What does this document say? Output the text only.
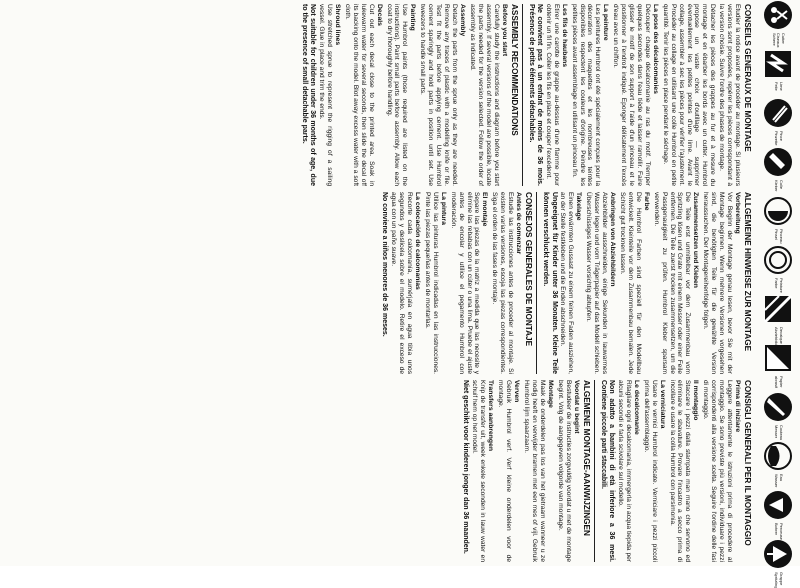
Cutter Ciseaux Schere
Lime Feile
Pince Pinzette
Colle Kleber
Pinceau Pinsel
Peinture Farbe
Decalque Abziehbild
Papier abrasif
Couteau Messer
Eau Wasser
Perceuse Bohrer
Grappe Spritzling
CONSEILS GENERAUX DE MONTAGE

Etudier la notice avant de procéder au montage. Si plusieurs versions sont proposées, repérer les pièces correspondant à la version choisie. Suivre l'ordre des phases de montage.

Détacher les pièces des grappes au fur et à mesure du montage et en ébarber les bords avec un cutter. Humbrol propose un vaste choix d'outillage — supprimer éventuellement les petites pointes d'une lime. Avant le collage, assembler à sec les pièces pour vérifier l'ajustement. Procéder au collage en utilisant une colle Humbrol en petite quantité. Tenir les pièces en place pendant le séchage.

La pose des décalcomanies

Découper chaque décalcomanie au ras du motif. Tremper quelques secondes dans l'eau tiède et laisser ramollir. Faire glisser le motif de son support à l'aide d'un pinceau et le positionner à l'endroit indiqué. Eponger délicatement l'excès d'eau avec un chiffon.

La peinture

Les peintures Humbrol ont été spécialement conçues pour la décoration des maquettes et les nombreuses teintes disponibles respectent les couleurs d'origine. Peindre les petites pièces avant assemblage en utilisant un pinceau fin.

Les fils de haubans

Etirer une carotte de grappe au-dessus d'une flamme pour obtenir un fil fin. Coller les fils en place et couper l'excédent.

Ne convient pas à un enfant de moins de 36 mois. Présence de petits éléments détachables.

ASSEMBLY RECOMMENDATIONS
Before you start

Carefully study the instructions and diagram before you start assembly. If several versions of the model are possible, locate the parts needed for the version selected. Follow the order of assembly as indicated.

Assembly

Detach the parts from the sprue only as they are needed. Remove any traces of plastic with a modelling knife or file. Test fit the parts before applying cement. Use Humbrol cement sparingly and hold parts in position until set. Use tweezers to handle small parts.

Painting

Use Humbrol paints (those required are listed on the instructions). Paint small parts before assembly. Allow each coat to dry thoroughly before handling.

Decals

Cut out each decal close to the printed area. Soak in lukewarm water for several seconds, then slide the decal off its backing onto the model. Blot away excess water with a soft cloth.

Shroud lines

Use stretched sprue to represent the rigging of a sailing vessel. Glue in place and trim the ends.

Not suitable for children under 36 months of age, due to the presence of small detachable parts.

ALLGEMEINE HINWEISE ZUR MONTAGE
Vorbereitung

Vor Beginn der Montage genau lesen, bevor Sie mit der Montage beginnen. Wenn mehrere Versionen vorgesehen sind, die benötigten Teile für die gewählte Version heraussuchen. Der Montagereihenfolge folgen.

Zusammensetzen und Kleben

Die Teile erst unmittelbar vor dem Zusammenbau vom Spritzling lösen und Grate mit einem Messer oder einer Feile entfernen. Die Teile zuerst trocken zusammensetzen, um die Passgenauigkeit zu prüfen. Humbrol Kleber sparsam verwenden.

Farbe

Die Humbrol Farben sind speziell für den Modellbau entwickelt. Kleinteile vor dem Zusammenbau bemalen. Jede Schicht gut trocknen lassen.

Anbringen von Abziehbildern

Abziehbilder ausschneiden, einige Sekunden in lauwarmes Wasser legen und vom Trägerpapier auf das Modell schieben. Überschüssiges Wasser vorsichtig abtupfen.

Takelage

Einen erwärmten Gussast zu einem feinen Faden ausziehen, an der Stelle festkleben und die Enden abschneiden.

Ungeeignet für Kinder unter 36 Monaten. Kleine Teile können verschluckt werden.

CONSEJOS GENERALES DE MONTAJE
Antes de comenzar

Estudie las instrucciones antes de proceder al montaje. Si existen varias versiones, escoja las piezas correspondientes. Siga el orden de las fases de montaje.

El montaje

Separe las piezas de la matriz a medida que las necesite y elimine las rebabas con un cúter o una lima. Pruebe el ajuste antes de encolar y utilice el pegamento Humbrol con moderación.

La pintura

Utilice las pinturas Humbrol indicadas en las instrucciones. Pinte las piezas pequeñas antes de montarlas.

La colocación de calcomanías

Recorte cada calcomanía, sumérjala en agua tibia unos segundos y deslícela sobre el modelo. Retire el exceso de agua con un paño suave.

No conviene a niños menores de 36 meses.

CONSIGLI GENERALI PER IL MONTAGGIO
Prima di iniziare

Leggere attentamente le istruzioni prima di procedere al montaggio. Se sono previste più versioni, individuare i pezzi corrispondenti alla versione scelta. Seguire l'ordine delle fasi di montaggio.

Il montaggio

Staccare i pezzi dalla stampata man mano che servono ed eliminare le sbavature. Provare l'incastro a secco prima di incollare e usare la colla Humbrol con parsimonia.

La verniciatura

Usare le vernici Humbrol indicate. Verniciare i pezzi piccoli prima dell'assemblaggio.

Le decalcomanie

Ritagliare ogni decalcomania, immergerla in acqua tiepida per alcuni secondi e farla scivolare sul modello.

Non adatto a bambini di età inferiore a 36 mesi. Contiene piccole parti staccabili.

ALGEMENE MONTAGE-AANWIJZINGEN
Voordat u begint

Bestudeer de instructies zorgvuldig voordat u met de montage begint. Volg de aangegeven volgorde van montage.

Montage

Maak de onderdelen pas los van het gietraam wanneer u ze nodig heeft en verwijder bramen met een mes of vijl. Gebruik Humbrol lijm spaarzaam.

Verven

Gebruik Humbrol verf. Verf kleine onderdelen voor de montage.

Transfers aanbrengen

Knip de transfer uit, week enkele seconden in lauw water en schuif hem op het model.

Niet geschikt voor kinderen jonger dan 36 maanden.
